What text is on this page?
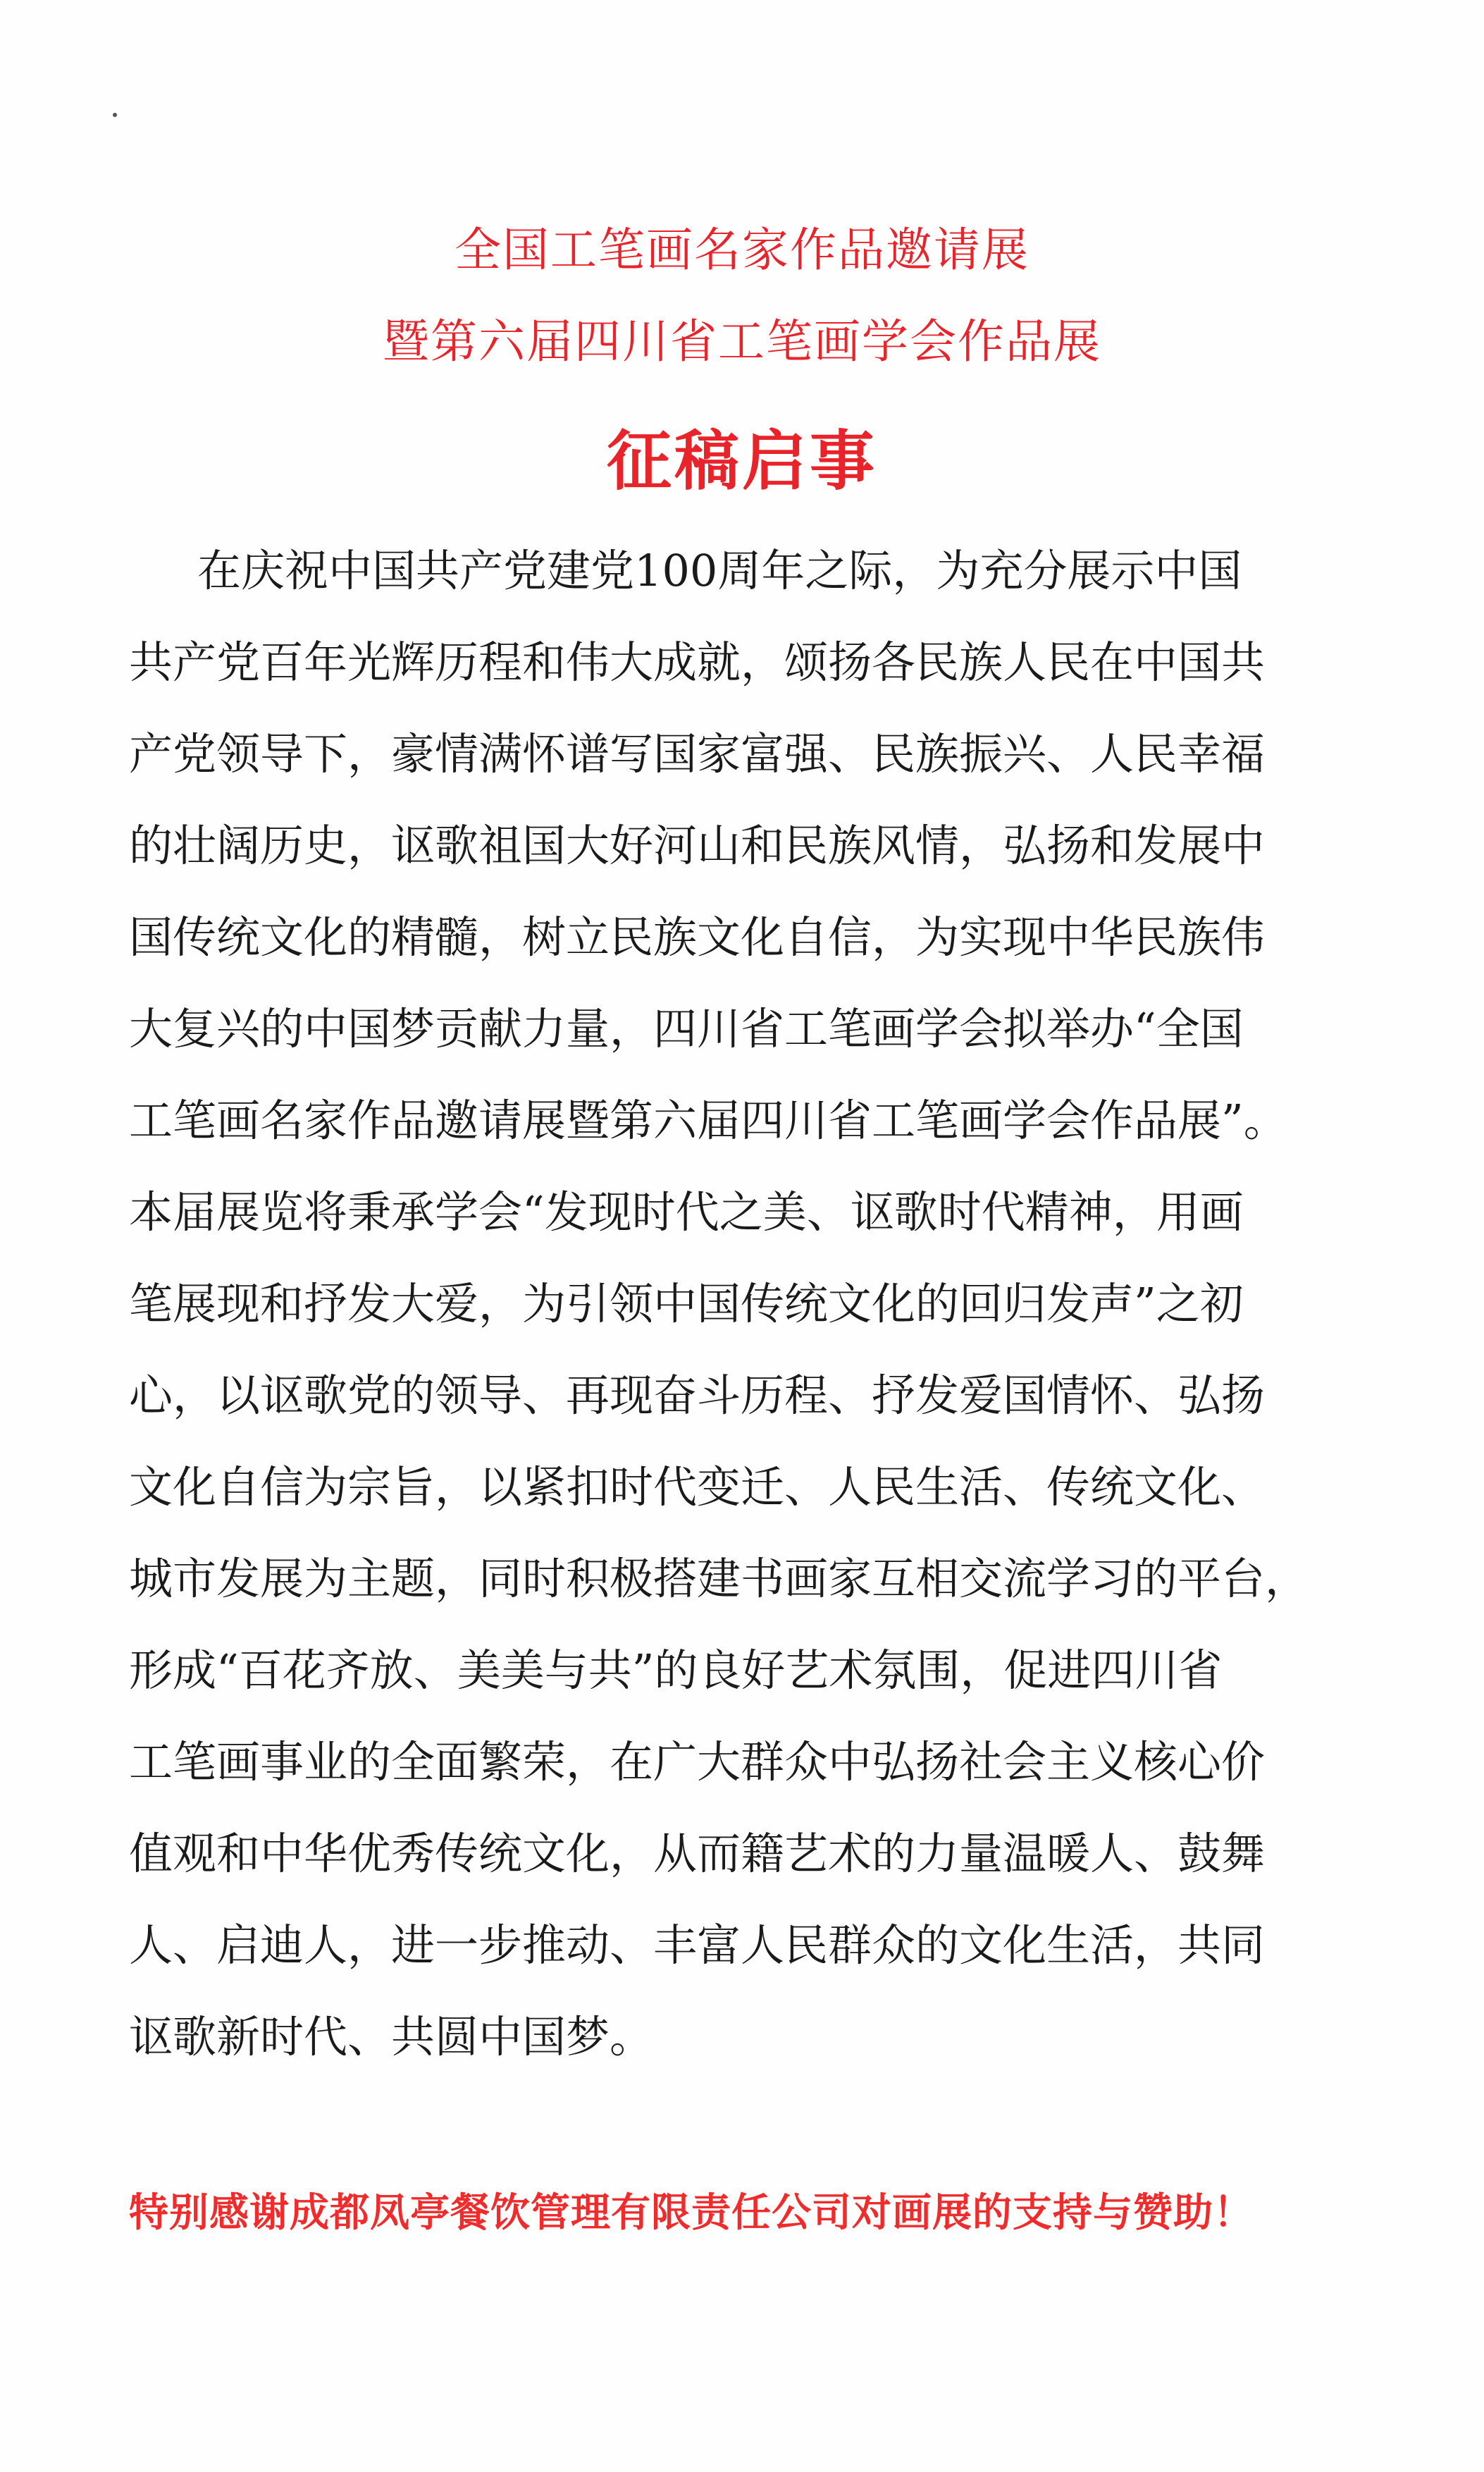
全国工笔画名家作品邀请展
暨第六届四川省工笔画学会作品展
征稿启事
在庆祝中国共产党建党100周年之际，为充分展示中国
共产党百年光辉历程和伟大成就，颂扬各民族人民在中国共
产党领导下，豪情满怀谱写国家富强、民族振兴、人民幸福
的壮阔历史，讴歌祖国大好河山和民族风情，弘扬和发展中
国传统文化的精髓，树立民族文化自信，为实现中华民族伟
大复兴的中国梦贡献力量，四川省工笔画学会拟举办“全国
工笔画名家作品邀请展暨第六届四川省工笔画学会作品展”。
本届展览将秉承学会“发现时代之美、讴歌时代精神，用画
笔展现和抒发大爱，为引领中国传统文化的回归发声”之初
心，以讴歌党的领导、再现奋斗历程、抒发爱国情怀、弘扬
文化自信为宗旨，以紧扣时代变迁、人民生活、传统文化、
城市发展为主题，同时积极搭建书画家互相交流学习的平台，
形成“百花齐放、美美与共”的良好艺术氛围，促进四川省
工笔画事业的全面繁荣，在广大群众中弘扬社会主义核心价
值观和中华优秀传统文化，从而籍艺术的力量温暖人、鼓舞
人、启迪人，进一步推动、丰富人民群众的文化生活，共同
讴歌新时代、共圆中国梦。
特别感谢成都凤亭餐饮管理有限责任公司对画展的支持与赞助！
